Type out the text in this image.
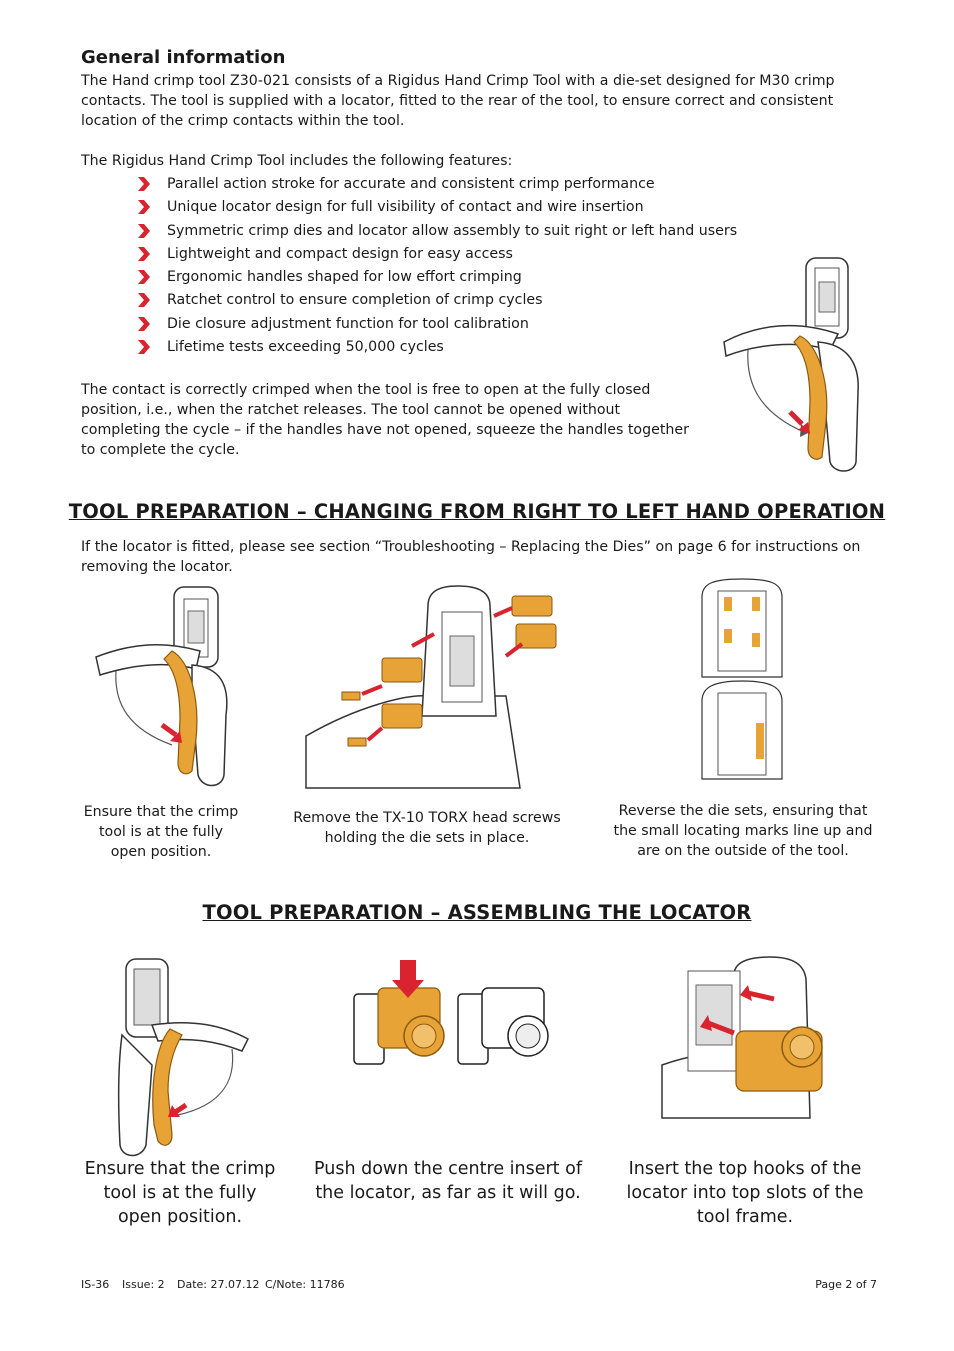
General information
The Hand crimp tool Z30-021 consists of a Rigidus Hand Crimp Tool with a die-set designed for M30 crimp contacts. The tool is supplied with a locator, fitted to the rear of the tool, to ensure correct and consistent location of the crimp contacts within the tool.
The Rigidus Hand Crimp Tool includes the following features:
Parallel action stroke for accurate and consistent crimp performance
Unique locator design for full visibility of contact and wire insertion
Symmetric crimp dies and locator allow assembly to suit right or left hand users
Lightweight and compact design for easy access
Ergonomic handles shaped for low effort crimping
Ratchet control to ensure completion of crimp cycles
Die closure adjustment function for tool calibration
Lifetime tests exceeding 50,000 cycles
The contact is correctly crimped when the tool is free to open at the fully closed position, i.e., when the ratchet releases. The tool cannot be opened without completing the cycle – if the handles have not opened, squeeze the handles together to complete the cycle.
TOOL PREPARATION – CHANGING FROM RIGHT TO LEFT HAND OPERATION
If the locator is fitted, please see section “Troubleshooting – Replacing the Dies” on page 6 for instructions on removing the locator.
Ensure that the crimp tool is at the fully open position.
Remove the TX-10 TORX head screws holding the die sets in place.
Reverse the die sets, ensuring that the small locating marks line up and are on the outside of the tool.
TOOL PREPARATION – ASSEMBLING THE LOCATOR
Ensure that the crimp tool is at the fully open position.
Push down the centre insert of the locator, as far as it will go.
Insert the top hooks of the locator into top slots of the tool frame.
IS-36 Issue: 2 Date: 27.07.12 C/Note: 11786	Page 2 of 7
